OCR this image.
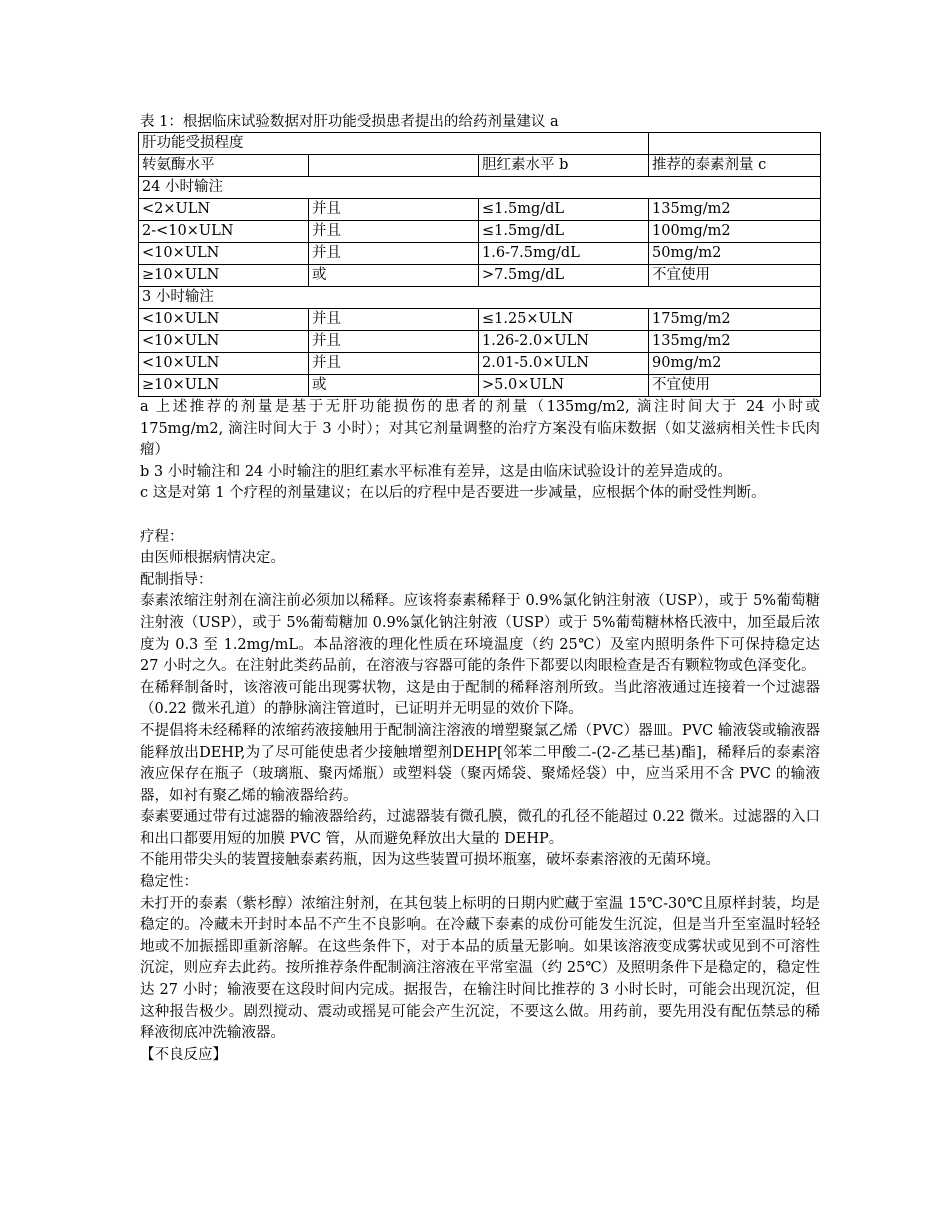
表 1：根据临床试验数据对肝功能受损患者提出的给药剂量建议 a
肝功能受损程度			
转氨酶水平		胆红素水平 b	推荐的泰素剂量 c
24 小时输注			
<2×ULN	并且	≤1.5mg/dL	135mg/m2
2-<10×ULN	并且	≤1.5mg/dL	100mg/m2
<10×ULN	并且	1.6-7.5mg/dL	50mg/m2
≥10×ULN	或	>7.5mg/dL	不宜使用
3 小时输注			
<10×ULN	并且	≤1.25×ULN	175mg/m2
<10×ULN	并且	1.26-2.0×ULN	135mg/m2
<10×ULN	并且	2.01-5.0×ULN	90mg/m2
≥10×ULN	或	>5.0×ULN	不宜使用

a 上述推荐的剂量是基于无肝功能损伤的患者的剂量（135mg/m2, 滴注时间大于 24 小时或 175mg/m2, 滴注时间大于 3 小时）；对其它剂量调整的治疗方案没有临床数据（如艾滋病相关性卡氏肉瘤）

b 3 小时输注和 24 小时输注的胆红素水平标准有差异，这是由临床试验设计的差异造成的。

c 这是对第 1 个疗程的剂量建议；在以后的疗程中是否要进一步减量，应根据个体的耐受性判断。

疗程：

由医师根据病情决定。

配制指导：

泰素浓缩注射剂在滴注前必须加以稀释。应该将泰素稀释于 0.9%氯化钠注射液（USP），或于 5%葡萄糖注射液（USP），或于 5%葡萄糖加 0.9%氯化钠注射液（USP）或于 5%葡萄糖林格氏液中，加至最后浓度为 0.3 至 1.2mg/mL。本品溶液的理化性质在环境温度（约 25℃）及室内照明条件下可保持稳定达 27 小时之久。在注射此类药品前，在溶液与容器可能的条件下都要以肉眼检查是否有颗粒物或色泽变化。

在稀释制备时，该溶液可能出现雾状物，这是由于配制的稀释溶剂所致。当此溶液通过连接着一个过滤器（0.22 微米孔道）的静脉滴注管道时，已证明并无明显的效价下降。

不提倡将未经稀释的浓缩药液接触用于配制滴注溶液的增塑聚氯乙烯（PVC）器皿。PVC 输液袋或输液器能释放出DEHP,为了尽可能使患者少接触增塑剂DEHP[邻苯二甲酸二-(2-乙基已基)酯]，稀释后的泰素溶液应保存在瓶子（玻璃瓶、聚丙烯瓶）或塑料袋（聚丙烯袋、聚烯烃袋）中，应当采用不含 PVC 的输液器，如衬有聚乙烯的输液器给药。

泰素要通过带有过滤器的输液器给药，过滤器装有微孔膜，微孔的孔径不能超过 0.22 微米。过滤器的入口和出口都要用短的加膜 PVC 管，从而避免释放出大量的 DEHP。

不能用带尖头的装置接触泰素药瓶，因为这些装置可损坏瓶塞，破坏泰素溶液的无菌环境。

稳定性：

未打开的泰素（紫杉醇）浓缩注射剂，在其包装上标明的日期内贮藏于室温 15℃-30℃且原样封装，均是稳定的。冷藏未开封时本品不产生不良影响。在冷藏下泰素的成份可能发生沉淀，但是当升至室温时轻轻地或不加振摇即重新溶解。在这些条件下，对于本品的质量无影响。如果该溶液变成雾状或见到不可溶性沉淀，则应弃去此药。按所推荐条件配制滴注溶液在平常室温（约 25℃）及照明条件下是稳定的，稳定性达 27 小时；输液要在这段时间内完成。据报告，在输注时间比推荐的 3 小时长时，可能会出现沉淀，但这种报告极少。剧烈搅动、震动或摇晃可能会产生沉淀，不要这么做。用药前，要先用没有配伍禁忌的稀释液彻底冲洗输液器。

【不良反应】
